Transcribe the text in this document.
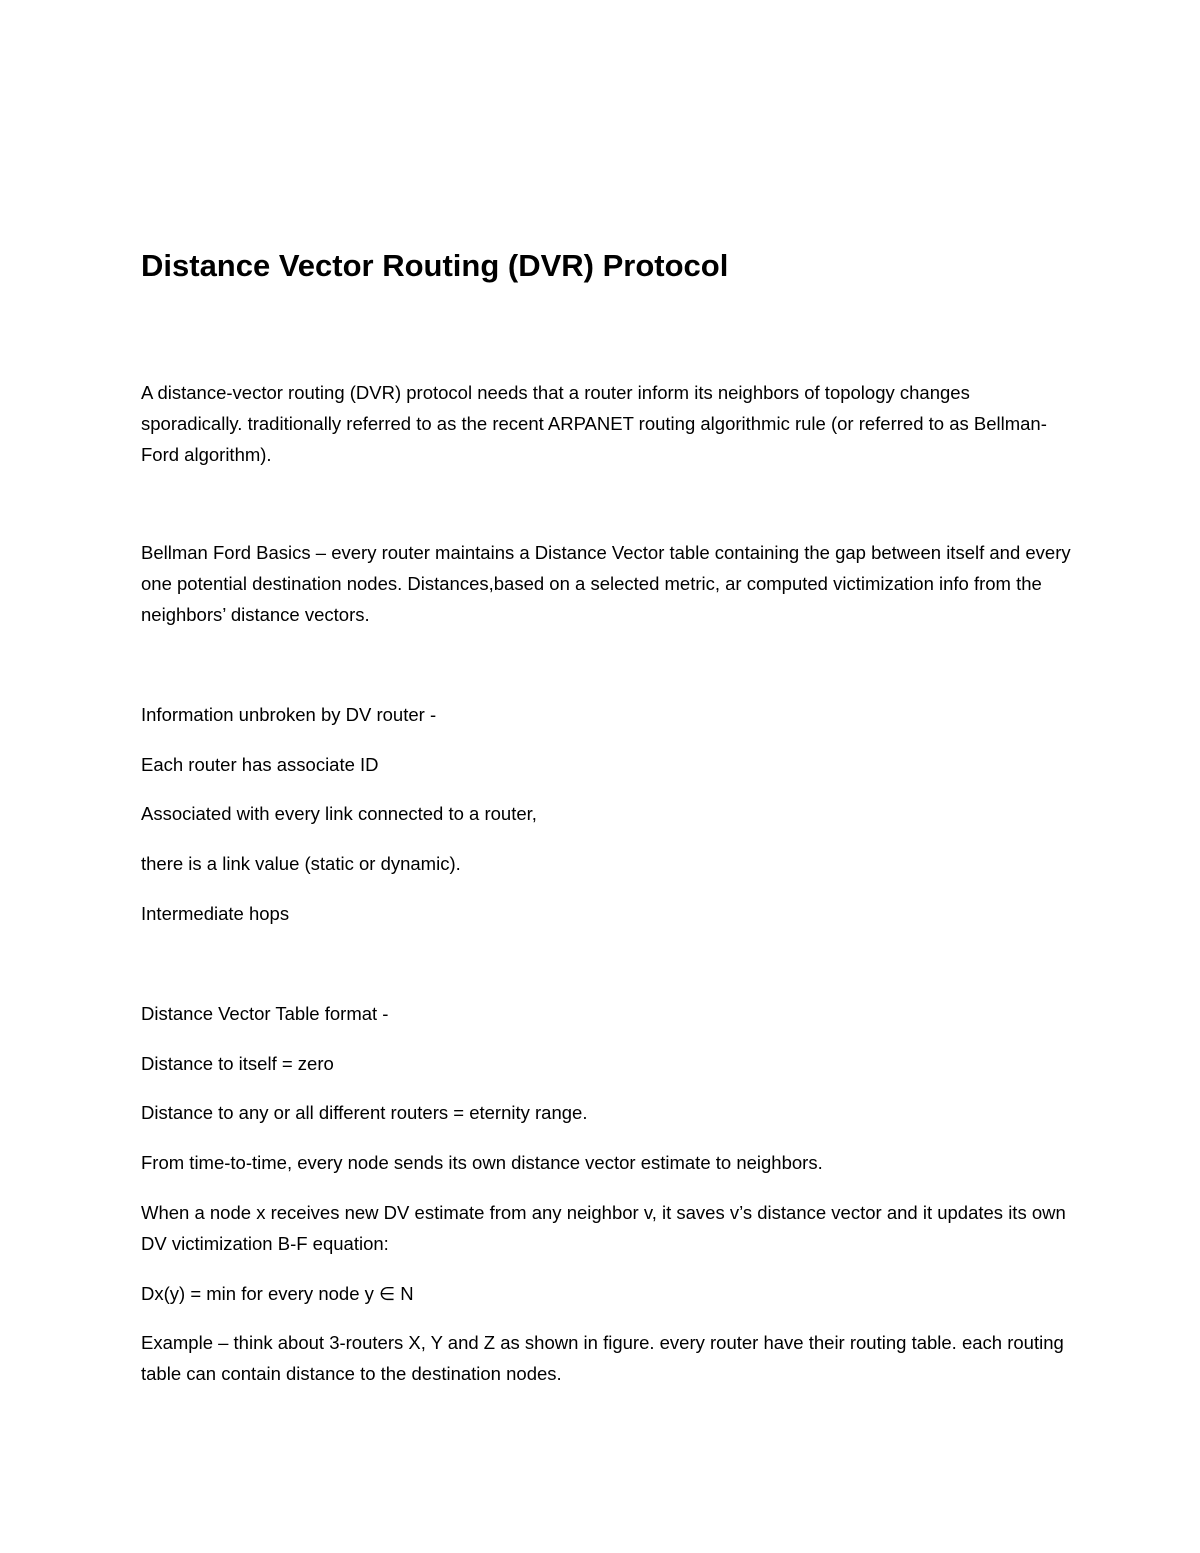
Distance Vector Routing (DVR) Protocol

A distance-vector routing (DVR) protocol needs that a router inform its neighbors of topology changes sporadically. traditionally referred to as the recent ARPANET routing algorithmic rule (or referred to as Bellman-Ford algorithm).

Bellman Ford Basics – every router maintains a Distance Vector table containing the gap between itself and every one potential destination nodes. Distances,based on a selected metric, ar computed victimization info from the neighbors’ distance vectors.

Information unbroken by DV router -

Each router has associate ID

Associated with every link connected to a router,

there is a link value (static or dynamic).

Intermediate hops

Distance Vector Table format -

Distance to itself = zero

Distance to any or all different routers = eternity range.

From time-to-time, every node sends its own distance vector estimate to neighbors.

When a node x receives new DV estimate from any neighbor v, it saves v’s distance vector and it updates its own DV victimization B-F equation:

Dx(y) = min for every node y ∈ N

Example – think about 3-routers X, Y and Z as shown in figure. every router have their routing table. each routing table can contain distance to the destination nodes.
